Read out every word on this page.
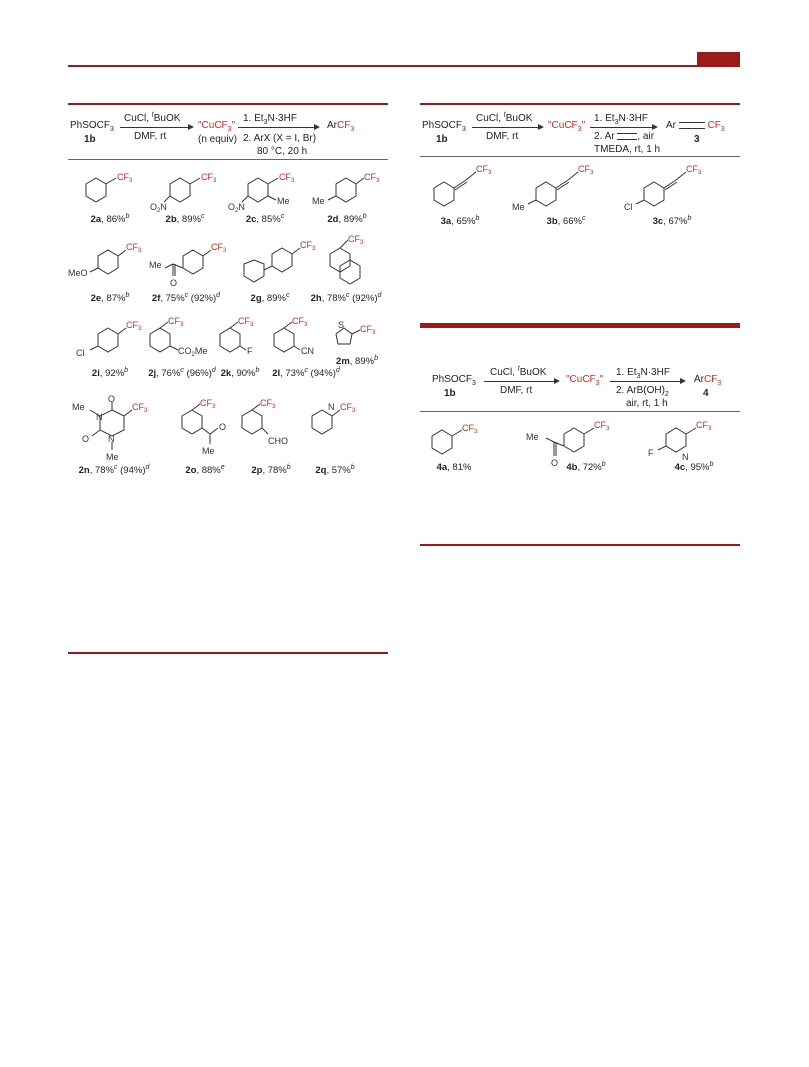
PhSOCF$_3$
1b
CuCl, $^t$BuOK
DMF, rt
"CuCF$_3$"
(n equiv)
1. $Et_3N\cdot 3HF$
2. ArX (X = I, Br)
80 °C, 20 h
ArCF$_3$
$CF_3$
2a, 86%$^b$
$CF_3$
$O_2N$
2b, 89%$^c$
$CF_3$
Me
$O_2N$
2c, 85%$^c$
$CF_3$
Me
2d, 89%$^b$
$CF_3$
MeO
2e, 87%$^b$
$CF_3$
Me
O
2f, 75%$^c$ $(92\%)^d$
$CF_3$
2g, 89%$^c$
$CF_3$
2h, 78%$^c$ $(92\%)^d$
$CF_3$
Cl
2i, 92%$^b$
$CF_3$
$CO_2Me$
2j, 76%$^c$ $(96\%)^d$
$CF_3$
F
2k, 90%$^b$
$CF_3$
CN
2l, 73%$^c$ $(94\%)^d$
S $CF_3$
2m, 89%$^b$
O
$CF_3$
O
N
Me
N
Me
2n, 78%$^c$ $(94\%)^d$
$CF_3$
O
Me
2o, 88%$^e$
$CF_3$
CHO
2p, 78%$^b$
N $CF_3$
2q, 57%$^b$
PhSOCF$_3$
1b
CuCl, $^t$BuOK
DMF, rt
"CuCF$_3$"
1. $Et_3N\cdot 3HF$
2. Ar , air
TMEDA, rt, 1 h
Ar	$CF_3$
3
$CF_3$
3a, 65%$^b$
$CF_3$
Me
3b, 66%$^c$
$CF_3$
Cl
3c, 67%$^b$
PhSOCF$_3$
1b
CuCl, $^t$BuOK
DMF, rt
"CuCF$_3$"
1. $Et_3N\cdot 3HF$
2. $ArB(OH)_2$
air, rt, 1 h
ArCF$_3$
4
$CF_3$
4a, 81%
$CF_3$
Me
O 4b, 72%$^b$
$CF_3$
N
F
4c, 95%$^b$
